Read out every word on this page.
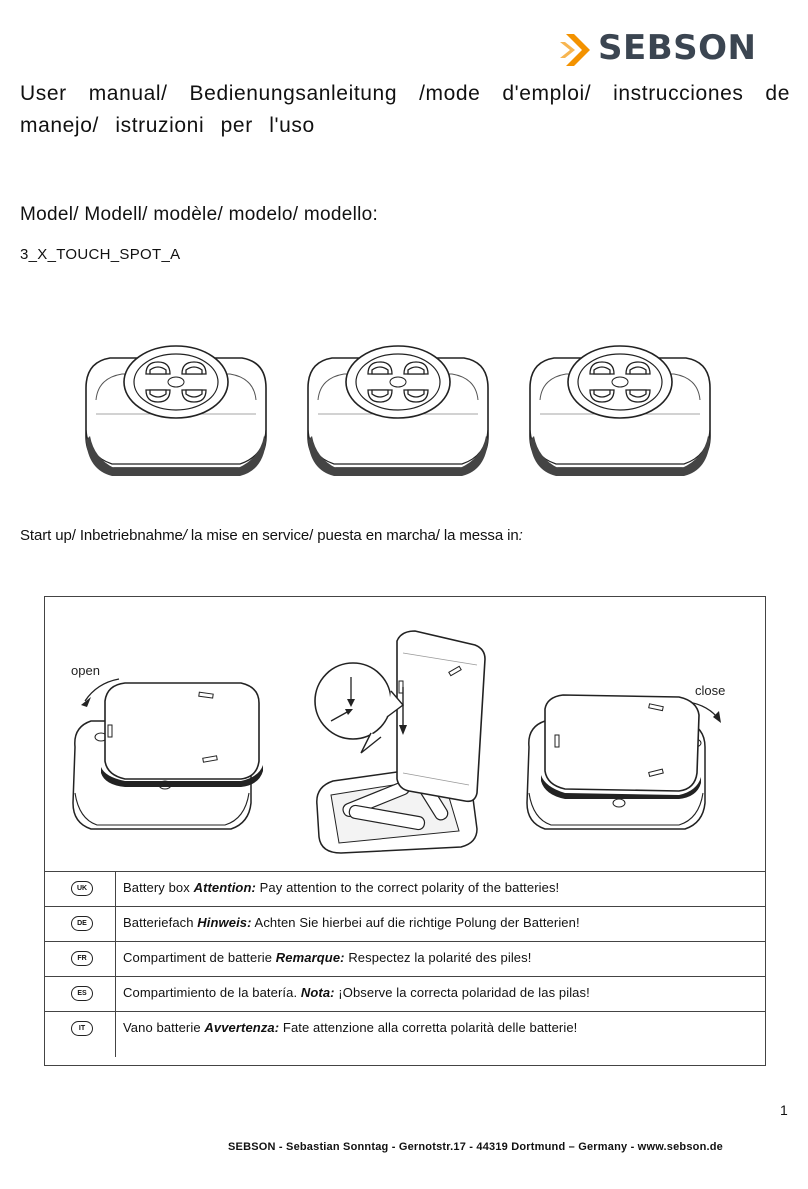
SEBSON
User manual/ Bedienungsanleitung /mode d'emploi/ instrucciones de manejo/ istruzioni per l'uso
Model/ Modell/ modèle/ modelo/ modello:
3_X_TOUCH_SPOT_A
Start up/ Inbetriebnahme/ la mise en service/ puesta en marcha/ la messa in:
open
close
UK	Battery box Attention: Pay attention to the correct polarity of the batteries!
DE	Batteriefach Hinweis: Achten Sie hierbei auf die richtige Polung der Batterien!
FR	Compartiment de batterie Remarque: Respectez la polarité des piles!
ES	Compartimiento de la batería. Nota: ¡Observe la correcta polaridad de las pilas!
IT	Vano batterie Avvertenza: Fate attenzione alla corretta polarità delle batterie!
1
SEBSON - Sebastian Sonntag - Gernotstr.17 - 44319 Dortmund – Germany - www.sebson.de
